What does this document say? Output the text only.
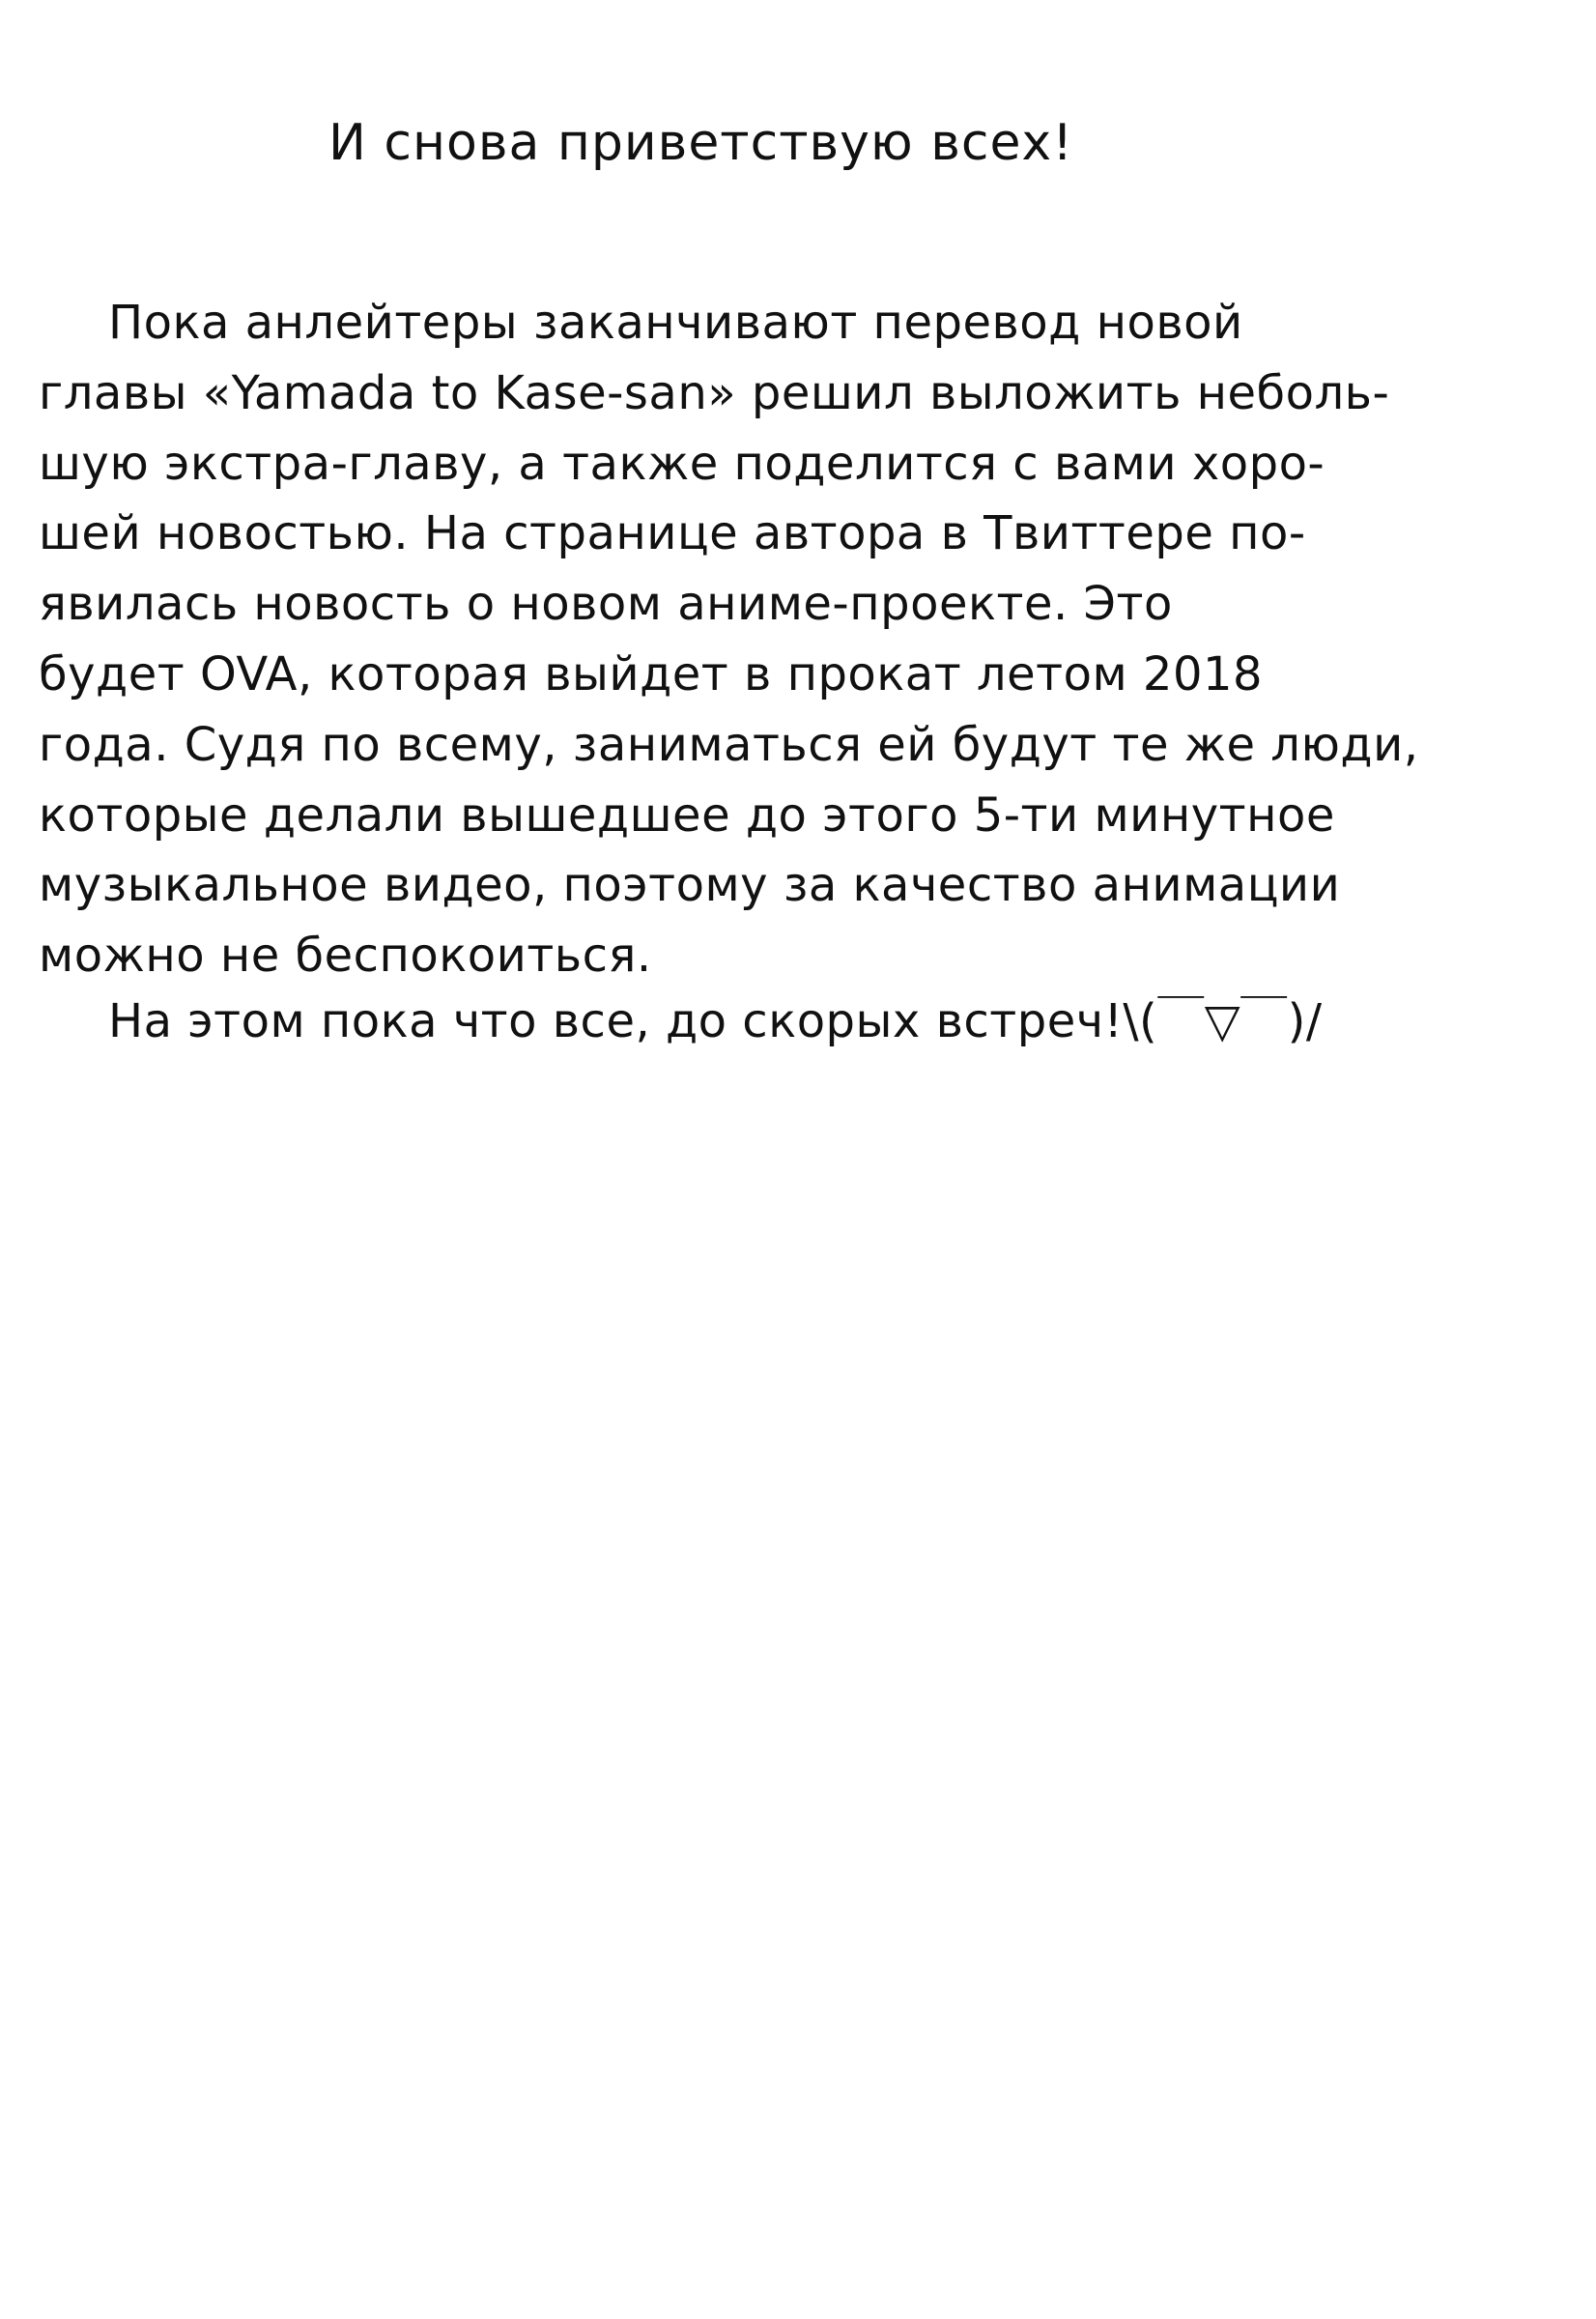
И снова приветствую всех!
Пока анлейтеры заканчивают перевод новой
главы «Yamada to Kase-san» решил выложить неболь-
шую экстра-главу, а также поделится с вами хоро-
шей новостью. На странице автора в Твиттере по-
явилась новость о новом аниме-проекте. Это
будет OVA, которая выйдет в прокат летом 2018
года. Судя по всему, заниматься ей будут те же люди,
которые делали вышедшее до этого 5-ти минутное
музыкальное видео, поэтому за качество анимации
можно не беспокоиться.
На этом пока что все, до скорых встреч!\(￣▽￣)/
